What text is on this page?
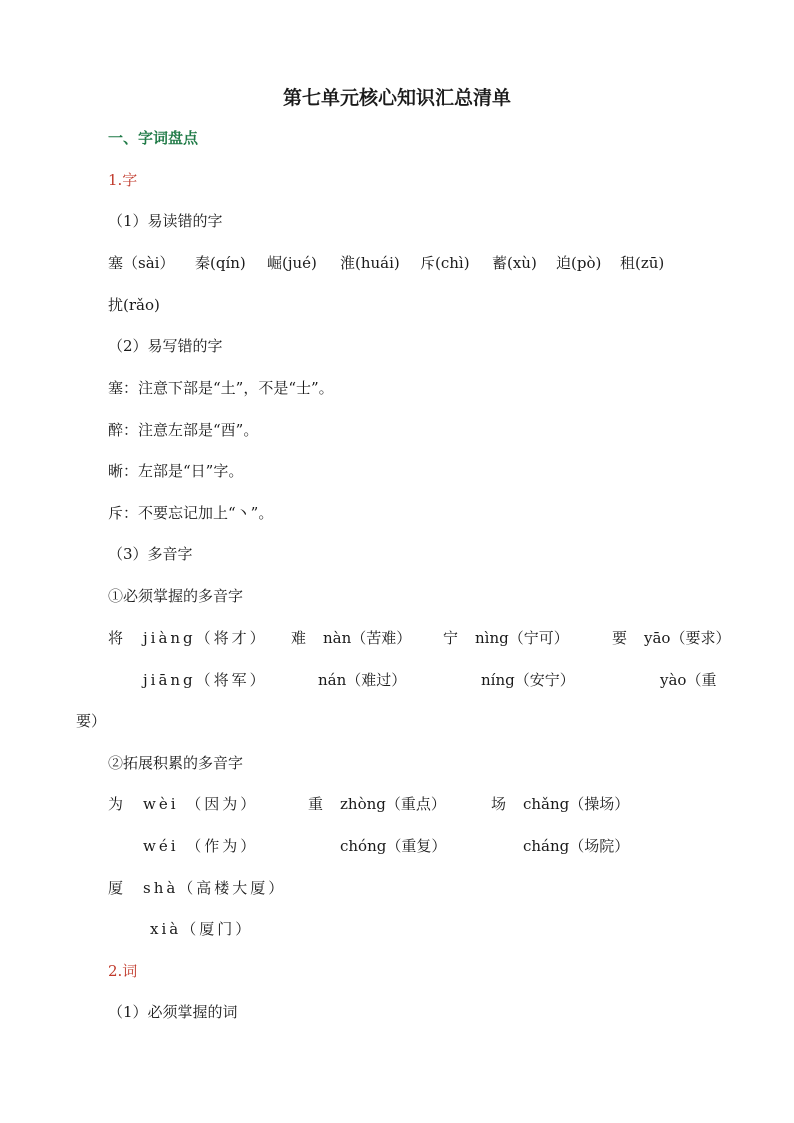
第七单元核心知识汇总清单
一、字词盘点
1.字
（1）易读错的字
塞（sài） 秦(qín) 崛(jué) 淮(huái) 斥(chì) 蓄(xù) 迫(pò) 租(zū)
扰(rǎo)
（2）易写错的字
塞：注意下部是“土”，不是“士”。
醉：注意左部是“酉”。
晰：左部是“日”字。
斥：不要忘记加上“丶”。
（3）多音字
①必须掌握的多音字
将 jiàng（将才） 难 nàn（苦难） 宁 nìng（宁可）	要 yāo（要求）
jiāng（将军）	nán（难过）	níng（安宁）	yào（重
要）
②拓展积累的多音字
为 wèi （因为）	重 zhòng（重点）	场 chǎng（操场）
wéi （作为）	chóng（重复）	cháng（场院）
厦 shà（高楼大厦）
xià（厦门）
2.词
（1）必须掌握的词
